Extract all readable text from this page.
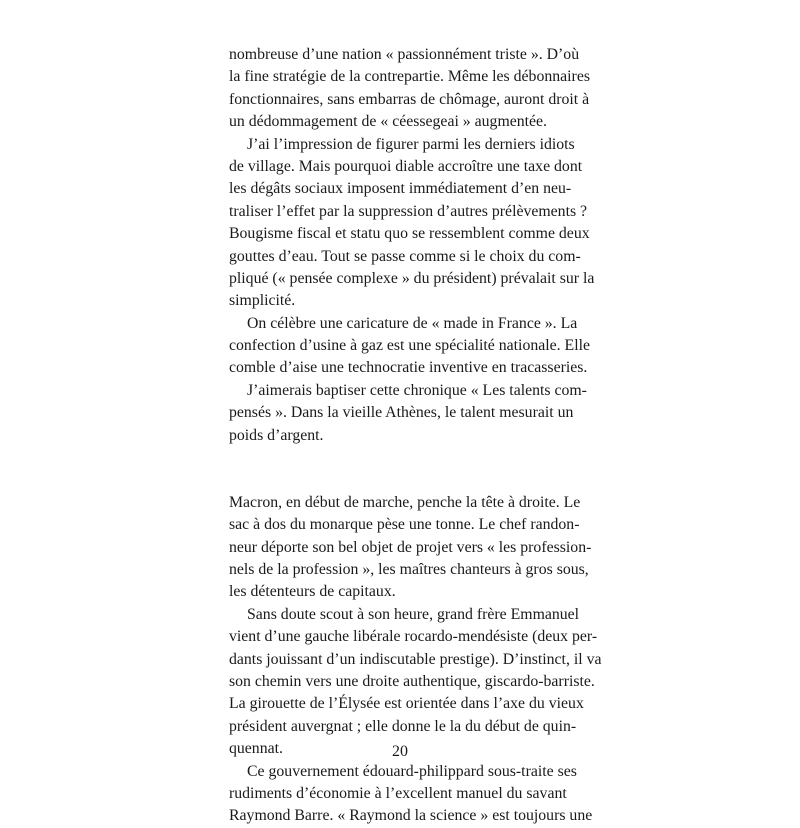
nombreuse d’une nation « passionnément triste ». D’où
la fine stratégie de la contrepartie. Même les débonnaires
fonctionnaires, sans embarras de chômage, auront droit à
un dédommagement de « céessegeai » augmentée.
J’ai l’impression de figurer parmi les derniers idiots
de village. Mais pourquoi diable accroître une taxe dont
les dégâts sociaux imposent immédiatement d’en neu-
traliser l’effet par la suppression d’autres prélèvements ?
Bougisme fiscal et statu quo se ressemblent comme deux
gouttes d’eau. Tout se passe comme si le choix du com-
pliqué (« pensée complexe » du président) prévalait sur la
simplicité.
On célèbre une caricature de « made in France ». La
confection d’usine à gaz est une spécialité nationale. Elle
comble d’aise une technocratie inventive en tracasseries.
J’aimerais baptiser cette chronique « Les talents com-
pensés ». Dans la vieille Athènes, le talent mesurait un
poids d’argent.
Macron, en début de marche, penche la tête à droite. Le
sac à dos du monarque pèse une tonne. Le chef randon-
neur déporte son bel objet de projet vers « les profession-
nels de la profession », les maîtres chanteurs à gros sous,
les détenteurs de capitaux.
Sans doute scout à son heure, grand frère Emmanuel
vient d’une gauche libérale rocardo-mendésiste (deux per-
dants jouissant d’un indiscutable prestige). D’instinct, il va
son chemin vers une droite authentique, giscardo-barriste.
La girouette de l’Élysée est orientée dans l’axe du vieux
président auvergnat ; elle donne le la du début de quin-
quennat.
Ce gouvernement édouard-philippard sous-traite ses
rudiments d’économie à l’excellent manuel du savant
Raymond Barre. « Raymond la science » est toujours une
20
